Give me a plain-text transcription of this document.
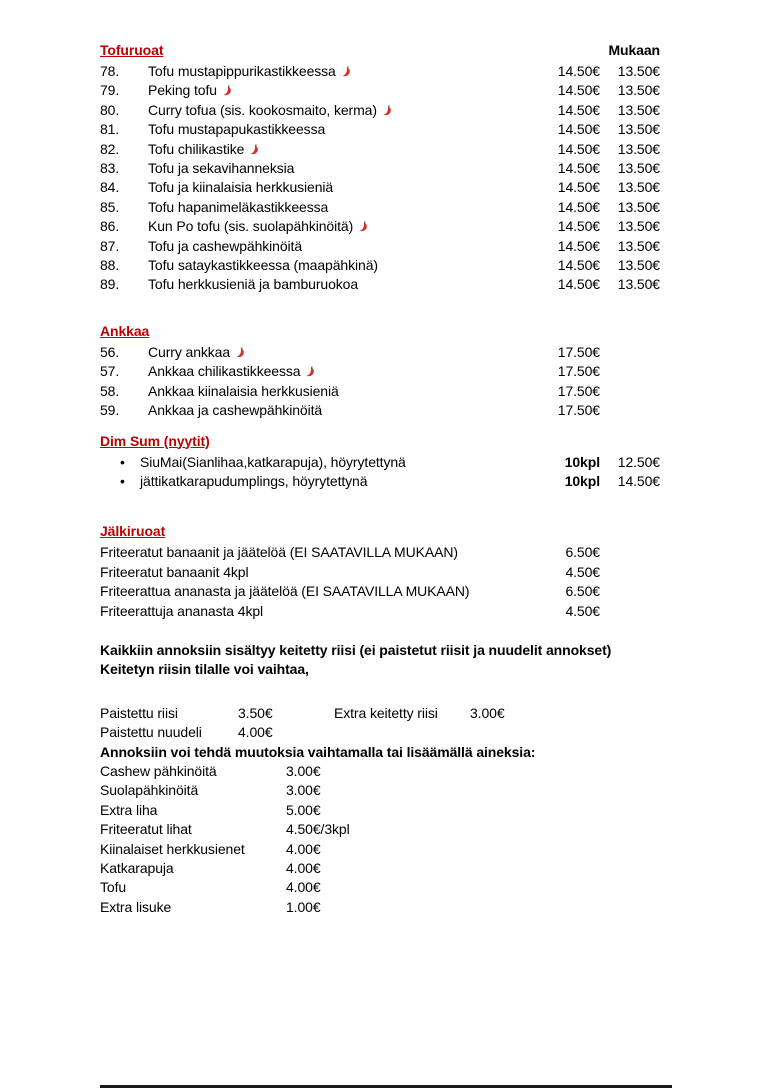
Tofuruoat	Mukaan
78.	Tofu mustapippurikastikkeessa	14.50€	13.50€
79.	Peking tofu	14.50€	13.50€
80.	Curry tofua (sis. kookosmaito, kerma)	14.50€	13.50€
81.	Tofu mustapapukastikkeessa	14.50€	13.50€
82.	Tofu chilikastike	14.50€	13.50€
83.	Tofu ja sekavihanneksia	14.50€	13.50€
84.	Tofu ja kiinalaisia herkkusieniä	14.50€	13.50€
85.	Tofu hapanimeläkastikkeessa	14.50€	13.50€
86.	Kun Po tofu (sis. suolapähkinöitä)	14.50€	13.50€
87.	Tofu ja cashewpähkinöitä	14.50€	13.50€
88.	Tofu sataykastikkeessa (maapähkinä)	14.50€	13.50€
89.	Tofu herkkusieniä ja bamburuokoa	14.50€	13.50€
Ankkaa
56.	Curry ankkaa	17.50€
57.	Ankkaa chilikastikkeessa	17.50€
58.	Ankkaa kiinalaisia herkkusieniä	17.50€
59.	Ankkaa ja cashewpähkinöitä	17.50€
Dim Sum (nyytit)
•	SiuMai(Sianlihaa,katkarapuja), höyrytettynä	10kpl	12.50€
•	jättikatkarapudumplings, höyrytettynä	10kpl	14.50€
Jälkiruoat
Friteeratut banaanit ja jäätelöä (EI SAATAVILLA MUKAAN)	6.50€
Friteeratut banaanit 4kpl	4.50€
Friteerattua ananasta ja jäätelöä (EI SAATAVILLA MUKAAN)	6.50€
Friteerattuja ananasta 4kpl	4.50€
Kaikkiin annoksiin sisältyy keitetty riisi (ei paistetut riisit ja nuudelit annokset)
Keitetyn riisin tilalle voi vaihtaa,
Paistettu riisi	3.50€	Extra keitetty riisi	3.00€
Paistettu nuudeli	4.00€
Annoksiin voi tehdä muutoksia vaihtamalla tai lisäämällä aineksia:
Cashew pähkinöitä	3.00€
Suolapähkinöitä	3.00€
Extra liha	5.00€
Friteeratut lihat	4.50€/3kpl
Kiinalaiset herkkusienet	4.00€
Katkarapuja	4.00€
Tofu	4.00€
Extra lisuke	1.00€
